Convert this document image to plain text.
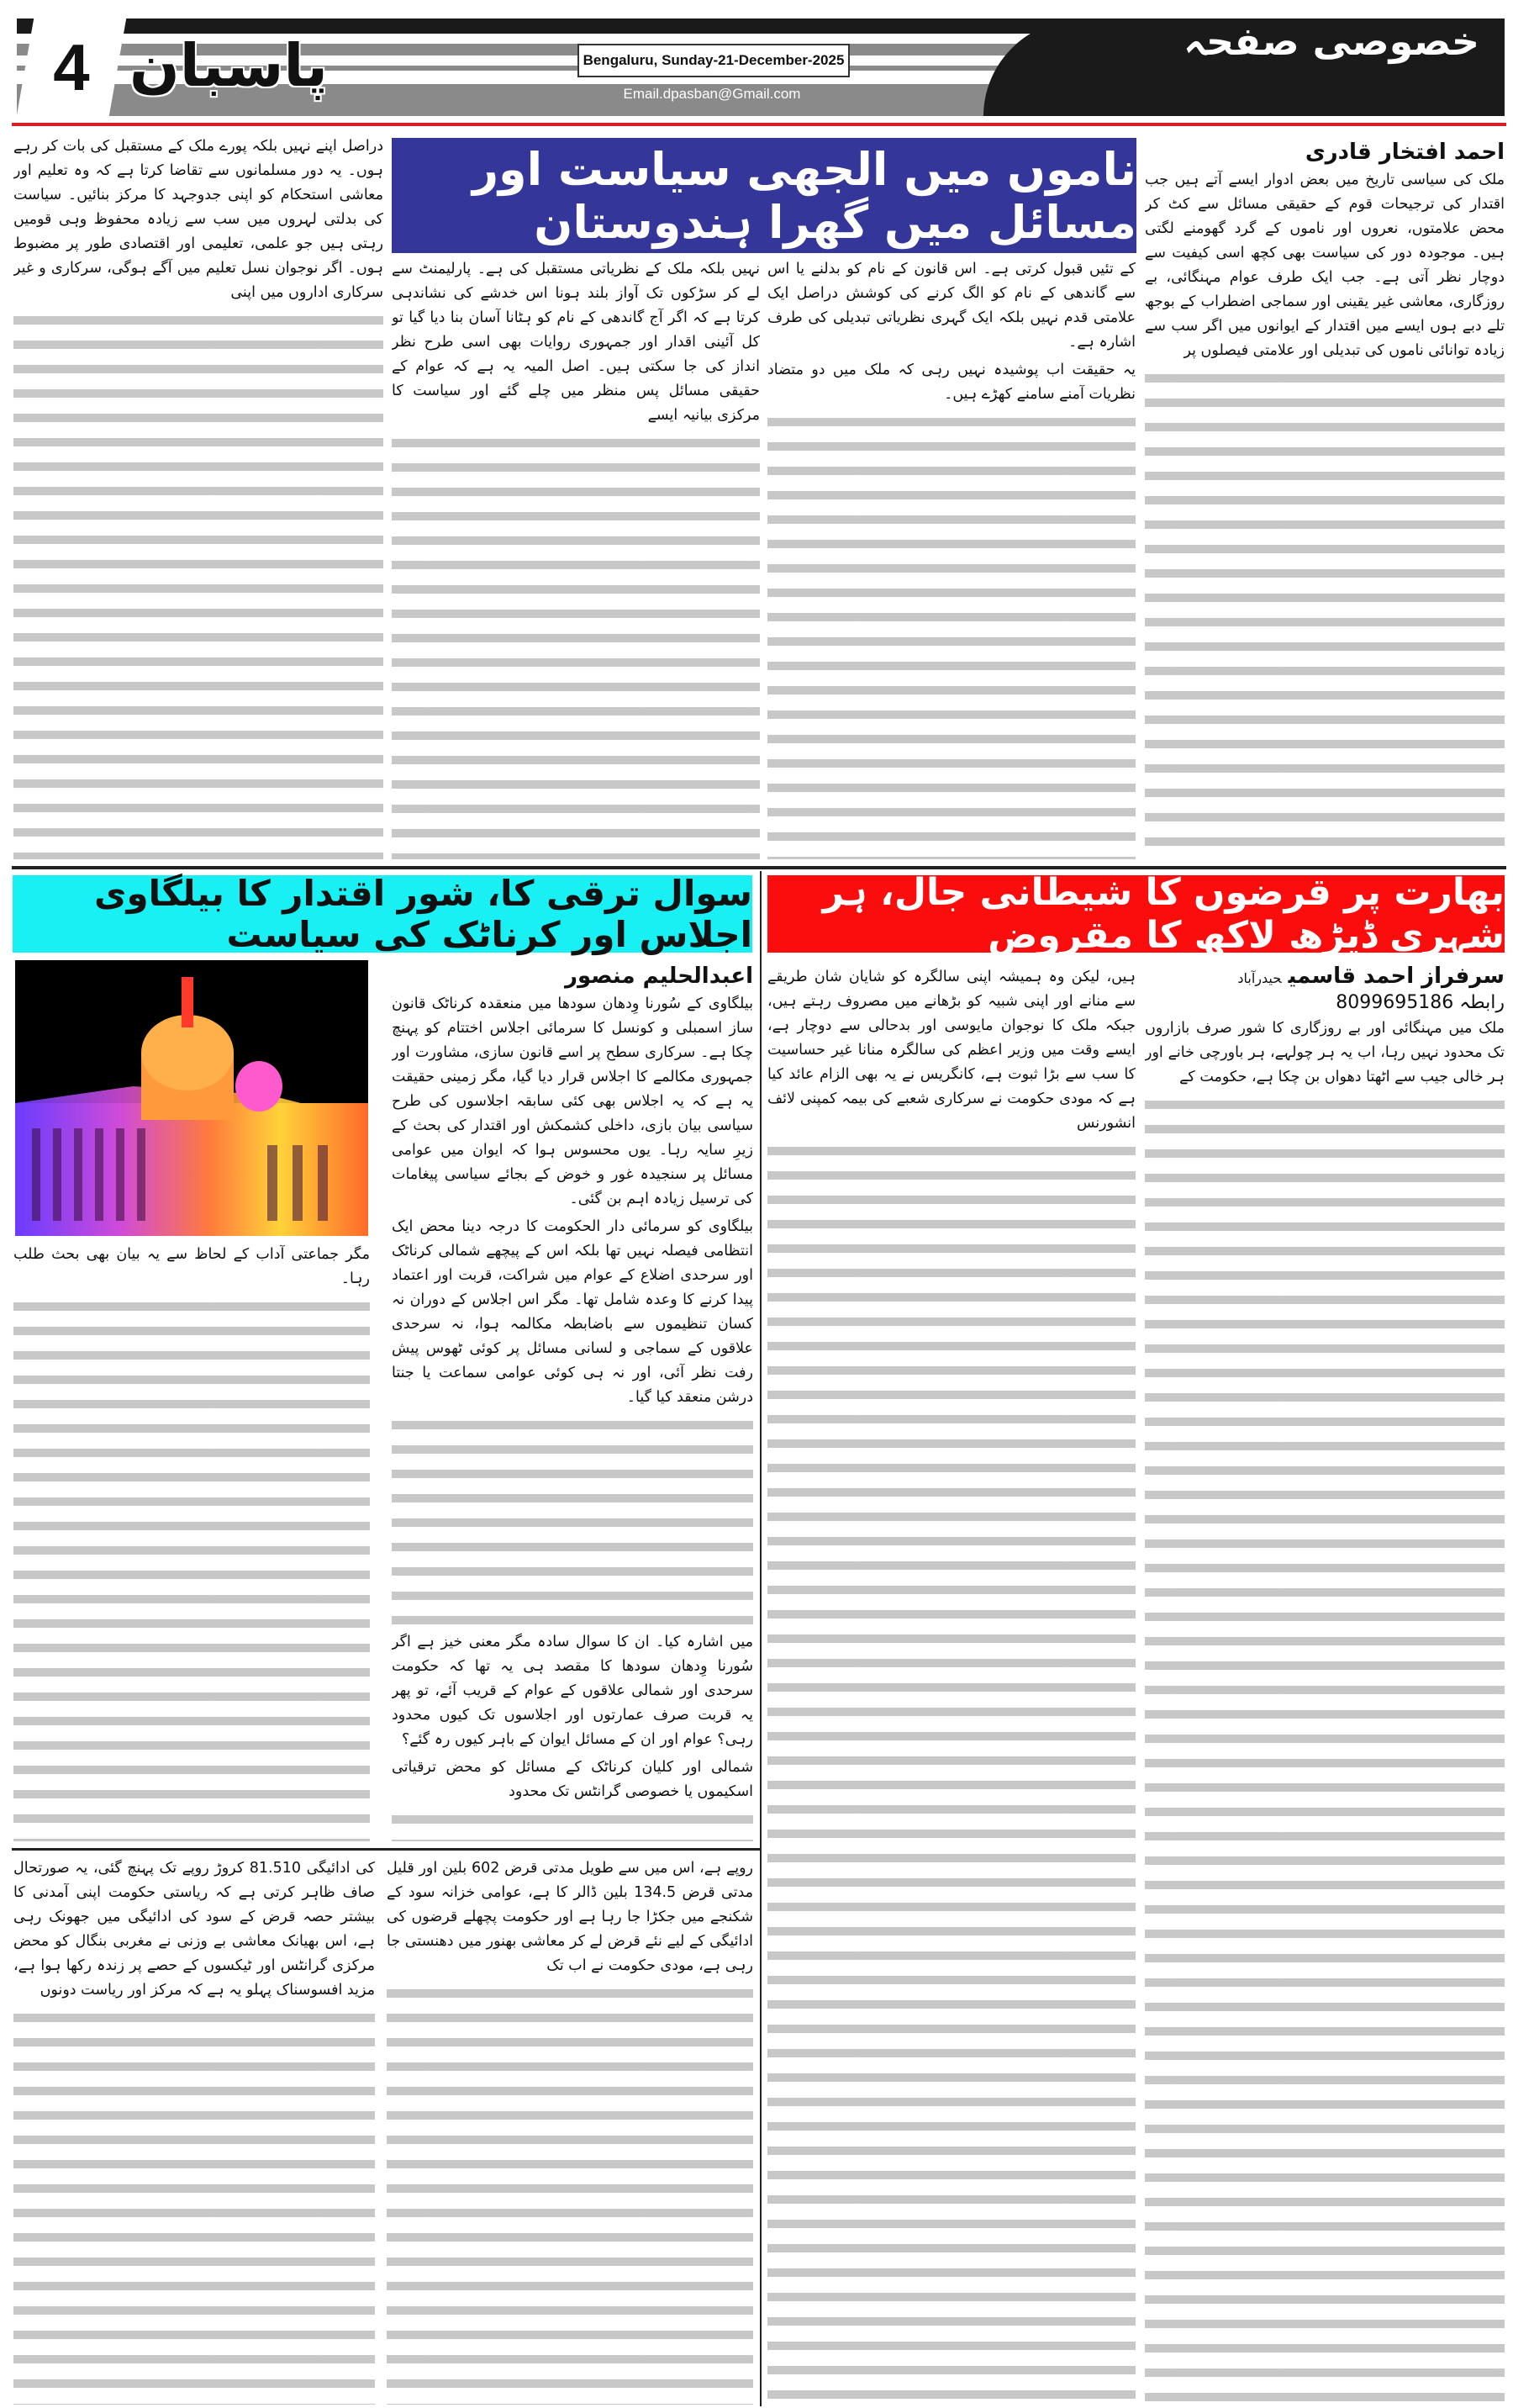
4 پاسبان	Bengaluru, Sunday-21-December-2025
Email.dpasban@Gmail.com
خصوصی صفحہ
ناموں میں الجھی سیاست اور مسائل میں گھرا ہندوستان
احمد افتخار قادری

ملک کی سیاسی تاریخ میں بعض ادوار ایسے آتے ہیں جب اقتدار کی ترجیحات قوم کے حقیقی مسائل سے کٹ کر محض علامتوں، نعروں اور ناموں کے گرد گھومنے لگتی ہیں۔ موجودہ دور کی سیاست بھی کچھ اسی کیفیت سے دوچار نظر آتی ہے۔ جب ایک طرف عوام مہنگائی، بے روزگاری، معاشی غیر یقینی اور سماجی اضطراب کے بوجھ تلے دبے ہوں ایسے میں اقتدار کے ایوانوں میں اگر سب سے زیادہ توانائی ناموں کی تبدیلی اور علامتی فیصلوں پر

کے تئیں قبول کرتی ہے۔ اس قانون کے نام کو بدلنے یا اس سے گاندھی کے نام کو الگ کرنے کی کوشش دراصل ایک علامتی قدم نہیں بلکہ ایک گہری نظریاتی تبدیلی کی طرف اشارہ ہے۔

یہ حقیقت اب پوشیدہ نہیں رہی کہ ملک میں دو متضاد نظریات آمنے سامنے کھڑے ہیں۔

نہیں بلکہ ملک کے نظریاتی مستقبل کی ہے۔ پارلیمنٹ سے لے کر سڑکوں تک آواز بلند ہونا اس خدشے کی نشاندہی کرتا ہے کہ اگر آج گاندھی کے نام کو ہٹانا آسان بنا دیا گیا تو کل آئینی اقدار اور جمہوری روایات بھی اسی طرح نظر انداز کی جا سکتی ہیں۔ اصل المیہ یہ ہے کہ عوام کے حقیقی مسائل پس منظر میں چلے گئے اور سیاست کا مرکزی بیانیہ ایسے

دراصل اپنے نہیں بلکہ پورے ملک کے مستقبل کی بات کر رہے ہوں۔ یہ دور مسلمانوں سے تقاضا کرتا ہے کہ وہ تعلیم اور معاشی استحکام کو اپنی جدوجہد کا مرکز بنائیں۔ سیاست کی بدلتی لہروں میں سب سے زیادہ محفوظ وہی قومیں رہتی ہیں جو علمی، تعلیمی اور اقتصادی طور پر مضبوط ہوں۔ اگر نوجوان نسل تعلیم میں آگے ہوگی، سرکاری و غیر سرکاری اداروں میں اپنی

بھارت پر قرضوں کا شیطانی جال، ہر شہری ڈیڑھ لاکھ کا مقروض
سرفراز احمد قاسمیحیدرآباد
رابطہ 8099695186

ملک میں مہنگائی اور بے روزگاری کا شور صرف بازاروں تک محدود نہیں رہا، اب یہ ہر چولہے، ہر باورچی خانے اور ہر خالی جیب سے اٹھتا دھواں بن چکا ہے، حکومت کے

ہیں، لیکن وہ ہمیشہ اپنی سالگرہ کو شایان شان طریقے سے منانے اور اپنی شبیہ کو بڑھانے میں مصروف رہتے ہیں، جبکہ ملک کا نوجوان مایوسی اور بدحالی سے دوچار ہے، ایسے وقت میں وزیر اعظم کی سالگرہ منانا غیر حساسیت کا سب سے بڑا ثبوت ہے، کانگریس نے یہ بھی الزام عائد کیا ہے کہ مودی حکومت نے سرکاری شعبے کی بیمہ کمپنی لائف انشورنس

سوال ترقی کا، شور اقتدار کا بیلگاوی اجلاس اور کرناٹک کی سیاست
اعبدالحلیم منصور

بیلگاوی کے سُورنا وِدھان سودھا میں منعقدہ کرناٹک قانون ساز اسمبلی و کونسل کا سرمائی اجلاس اختتام کو پہنچ چکا ہے۔ سرکاری سطح پر اسے قانون سازی، مشاورت اور جمہوری مکالمے کا اجلاس قرار دیا گیا، مگر زمینی حقیقت یہ ہے کہ یہ اجلاس بھی کئی سابقہ اجلاسوں کی طرح سیاسی بیان بازی، داخلی کشمکش اور اقتدار کی بحث کے زیرِ سایہ رہا۔ یوں محسوس ہوا کہ ایوان میں عوامی مسائل پر سنجیدہ غور و خوض کے بجائے سیاسی پیغامات کی ترسیل زیادہ اہم بن گئی۔

بیلگاوی کو سرمائی دار الحکومت کا درجہ دینا محض ایک انتظامی فیصلہ نہیں تھا بلکہ اس کے پیچھے شمالی کرناٹک اور سرحدی اضلاع کے عوام میں شراکت، قربت اور اعتماد پیدا کرنے کا وعدہ شامل تھا۔ مگر اس اجلاس کے دوران نہ کسان تنظیموں سے باضابطہ مکالمہ ہوا، نہ سرحدی علاقوں کے سماجی و لسانی مسائل پر کوئی ٹھوس پیش رفت نظر آئی، اور نہ ہی کوئی عوامی سماعت یا جنتا درشن منعقد کیا گیا۔

میں اشارہ کیا۔ ان کا سوال سادہ مگر معنی خیز ہے اگر سُورنا وِدھان سودھا کا مقصد ہی یہ تھا کہ حکومت سرحدی اور شمالی علاقوں کے عوام کے قریب آئے، تو پھر یہ قربت صرف عمارتوں اور اجلاسوں تک کیوں محدود رہی؟ عوام اور ان کے مسائل ایوان کے باہر کیوں رہ گئے؟

شمالی اور کلیان کرناٹک کے مسائل کو محض ترقیاتی اسکیموں یا خصوصی گرانٹس تک محدود

مگر جماعتی آداب کے لحاظ سے یہ بیان بھی بحث طلب رہا۔

روپے ہے، اس میں سے طویل مدتی قرض 602 بلین اور قلیل مدتی قرض 134.5 بلین ڈالر کا ہے، عوامی خزانہ سود کے شکنجے میں جکڑا جا رہا ہے اور حکومت پچھلے قرضوں کی ادائیگی کے لیے نئے قرض لے کر معاشی بھنور میں دھنستی جا رہی ہے، مودی حکومت نے اب تک

کی ادائیگی 81.510 کروڑ روپے تک پہنچ گئی، یہ صورتحال صاف ظاہر کرتی ہے کہ ریاستی حکومت اپنی آمدنی کا بیشتر حصہ قرض کے سود کی ادائیگی میں جھونک رہی ہے، اس بھیانک معاشی بے وزنی نے مغربی بنگال کو محض مرکزی گرانٹس اور ٹیکسوں کے حصے پر زندہ رکھا ہوا ہے، مزید افسوسناک پہلو یہ ہے کہ مرکز اور ریاست دونوں
